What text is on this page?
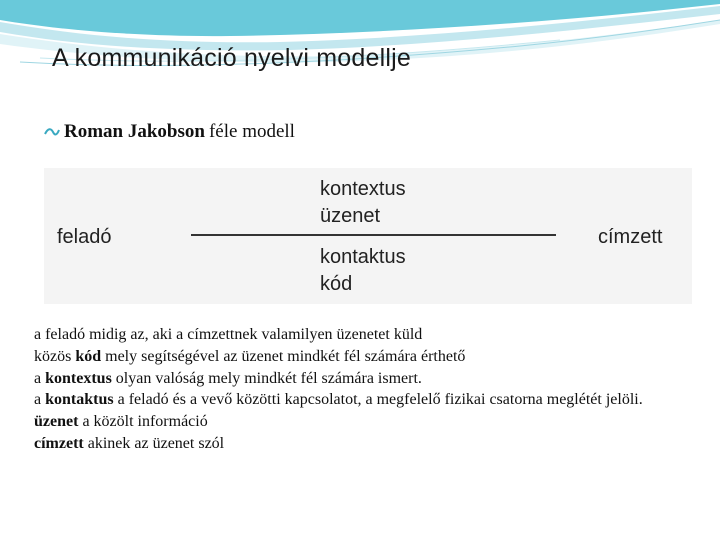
A kommunikáció nyelvi modellje
Roman Jakobson féle modell
feladó	címzett
kontextus
üzenet
kontaktus
kód

a feladó midig az, aki a címzettnek valamilyen üzenetet küld

közös kód mely segítségével az üzenet mindkét fél számára érthető

a kontextus olyan valóság mely mindkét fél számára ismert.

a kontaktus a feladó és a vevő közötti kapcsolatot, a megfelelő fizikai csatorna meglétét jelöli.

üzenet a közölt információ

címzett akinek az üzenet szól
